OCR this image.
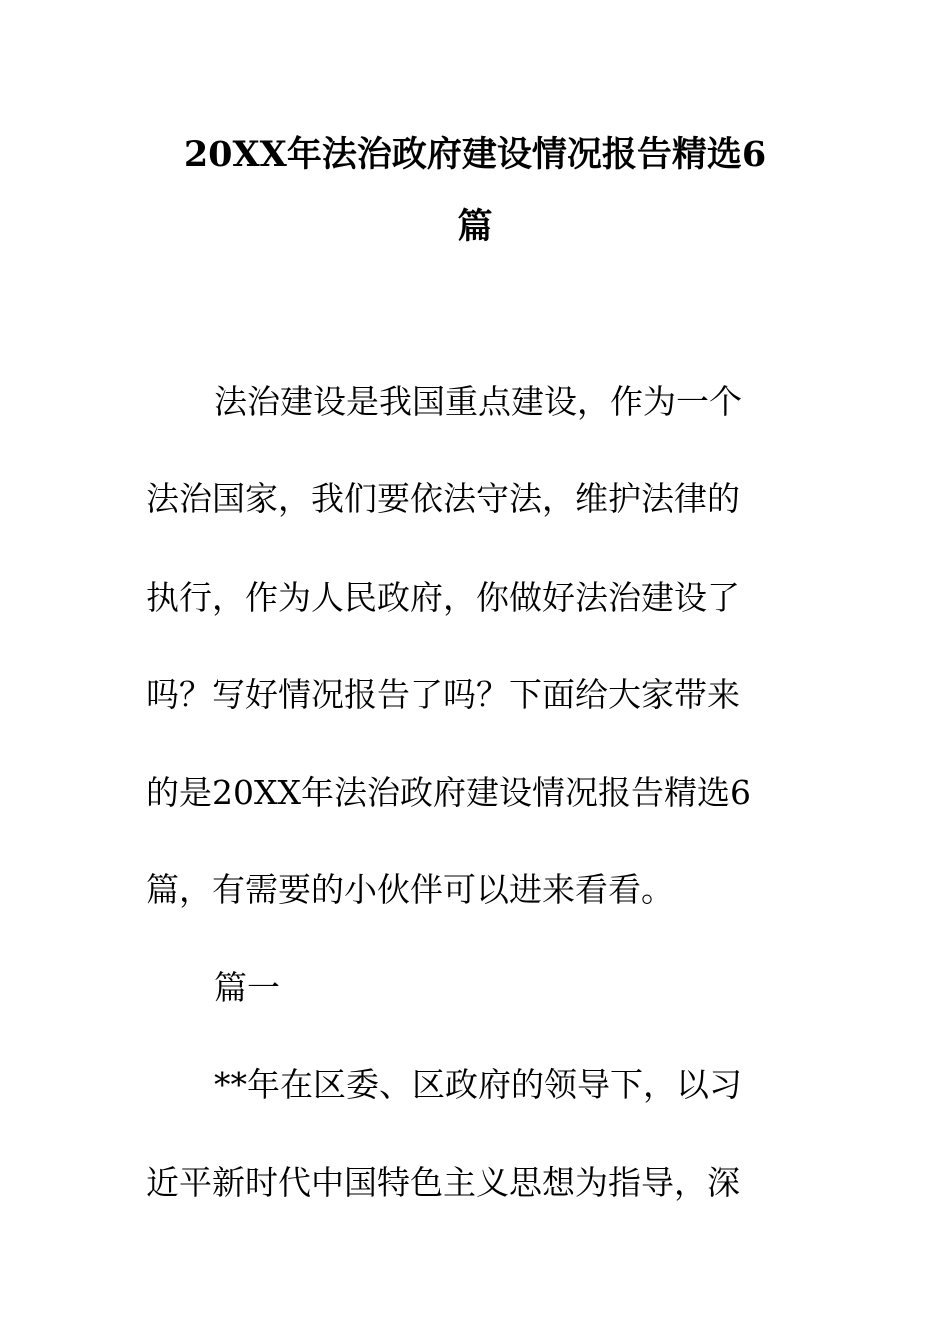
20XX年法治政府建设情况报告精选6
篇
法治建设是我国重点建设，作为一个
法治国家，我们要依法守法，维护法律的
执行，作为人民政府，你做好法治建设了
吗？写好情况报告了吗？下面给大家带来
的是20XX年法治政府建设情况报告精选6
篇，有需要的小伙伴可以进来看看。
篇一
**年在区委、区政府的领导下，以习
近平新时代中国特色主义思想为指导，深
